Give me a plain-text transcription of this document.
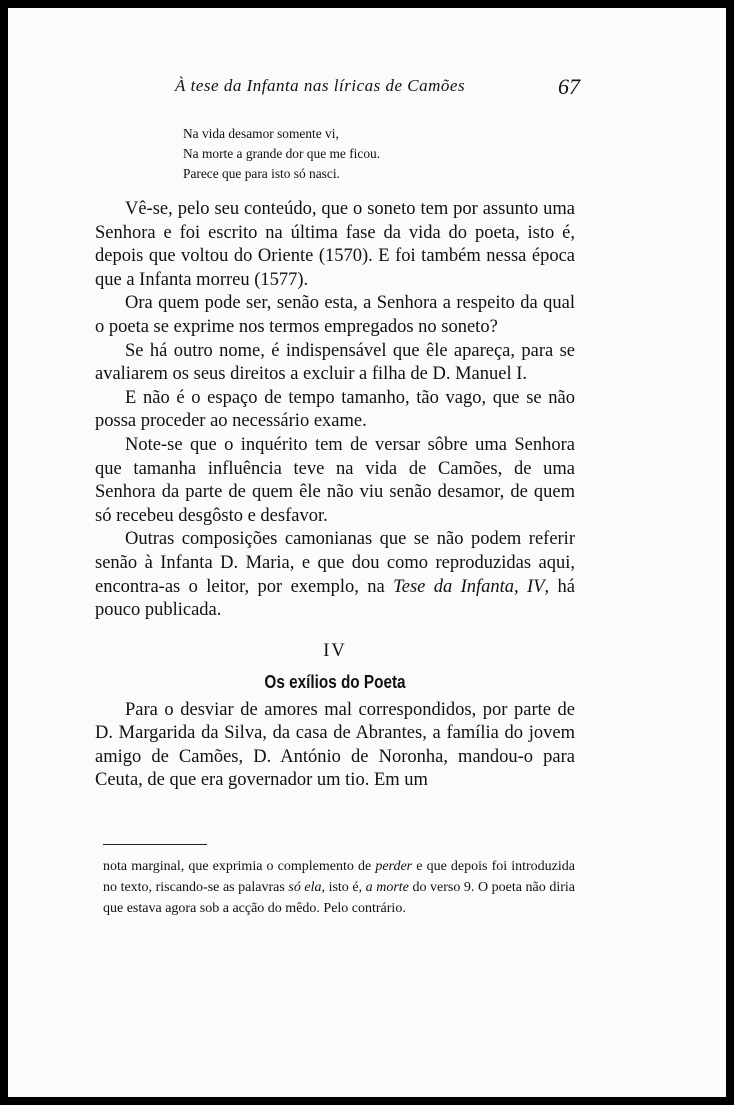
À tese da Infanta nas líricas de Camões	67
Na vida desamor somente vi,
Na morte a grande dor que me ficou.
Parece que para isto só nasci.

Vê-se, pelo seu conteúdo, que o soneto tem por assunto uma Senhora e foi escrito na última fase da vida do poeta, isto é, depois que voltou do Oriente (1570). E foi também nessa época que a Infanta morreu (1577).

Ora quem pode ser, senão esta, a Senhora a respeito da qual o poeta se exprime nos termos empregados no soneto?

Se há outro nome, é indispensável que êle apareça, para se avaliarem os seus direitos a excluir a filha de D. Manuel I.

E não é o espaço de tempo tamanho, tão vago, que se não possa proceder ao necessário exame.

Note-se que o inquérito tem de versar sôbre uma Senhora que tamanha influência teve na vida de Camões, de uma Senhora da parte de quem êle não viu senão desamor, de quem só recebeu desgôsto e desfavor.

Outras composições camonianas que se não podem referir senão à Infanta D. Maria, e que dou como reproduzidas aqui, encontra-as o leitor, por exemplo, na Tese da Infanta, IV, há pouco publicada.

IV
Os exílios do Poeta

Para o desviar de amores mal correspondidos, por parte de D. Margarida da Silva, da casa de Abrantes, a família do jovem amigo de Camões, D. António de Noronha, mandou-o para Ceuta, de que era governador um tio. Em um

nota marginal, que exprimia o complemento de perder e que depois foi introduzida no texto, riscando-se as palavras só ela, isto é, a morte do verso 9. O poeta não diria que estava agora sob a acção do mêdo. Pelo contrário.
